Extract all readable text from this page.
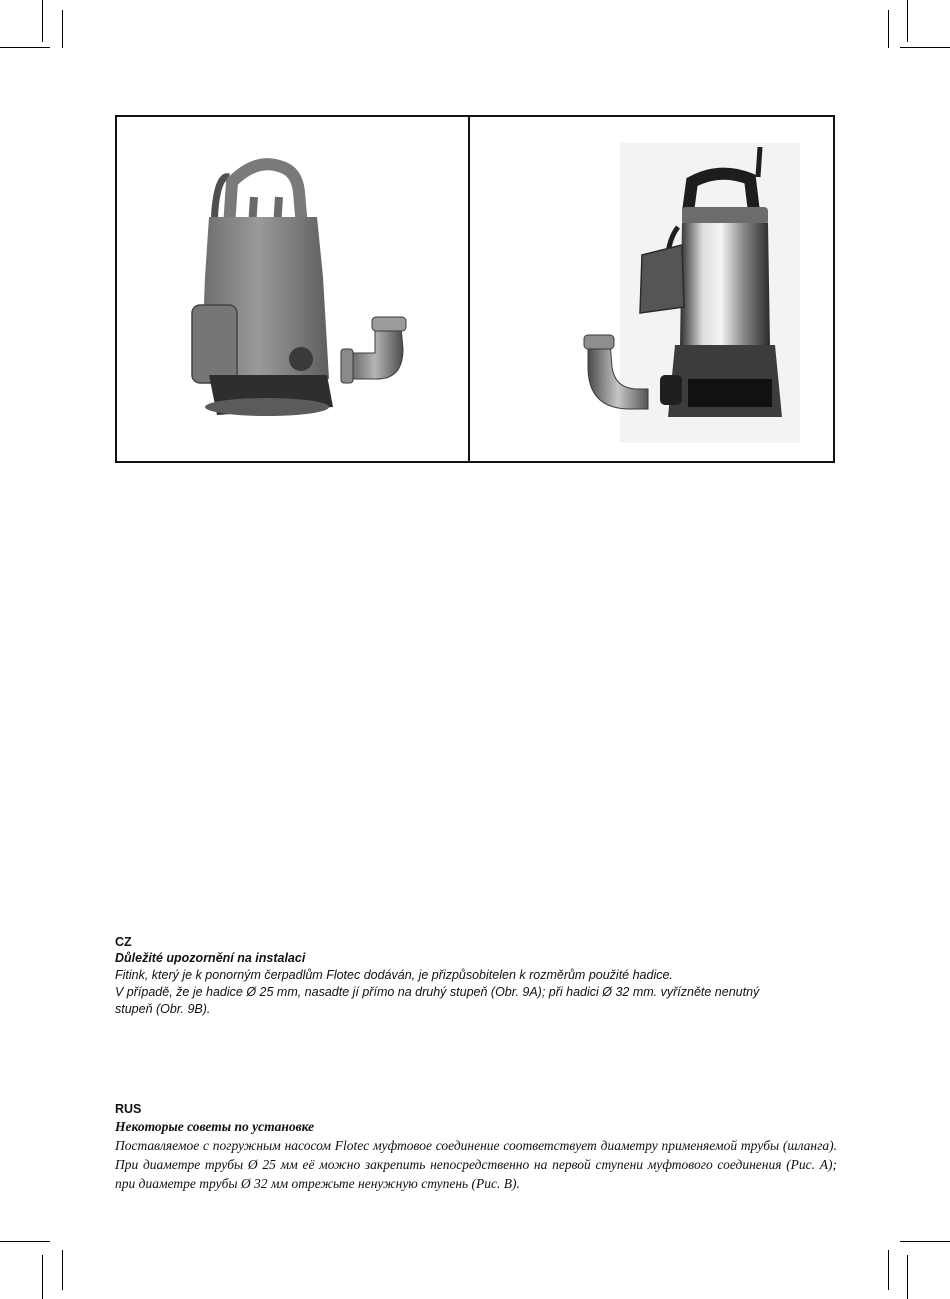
CZ
Důležité upozornění na instalaci

Fitink, který je k ponorným čerpadlům Flotec dodáván, je přizpůsobitelen k rozměrům použité hadice.

V případě, že je hadice Ø 25 mm, nasadte jí přímo na druhý stupeň (Obr. 9A); při hadici Ø 32 mm. vyřízněte nenutný

stupeň (Obr. 9B).

RUS
Некоторые советы по установке

Поставляемое с погружным насосом Flotec муфтовое соединение соответствует диаметру применяемой трубы (шланга). При диаметре трубы Ø 25 мм её можно закрепить непосредственно на первой ступени муфтового соединения (Рис. A); при диаметре трубы Ø 32 мм отрежьте ненужную ступень (Рис. B).
